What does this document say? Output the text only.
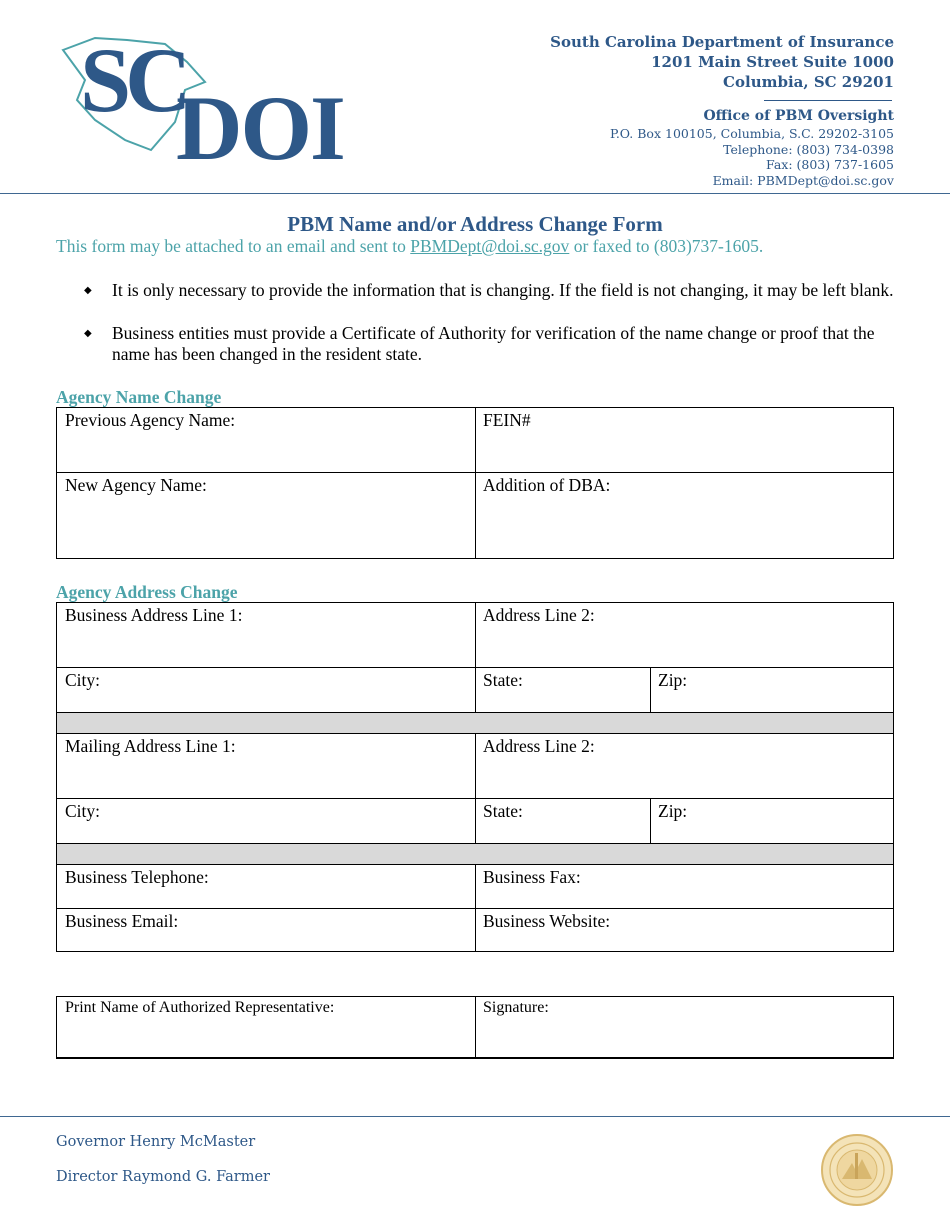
SC
DOI
South Carolina Department of Insurance
1201 Main Street Suite 1000
Columbia, SC 29201
Office of PBM Oversight
P.O. Box 100105, Columbia, S.C. 29202-3105
Telephone: (803) 734-0398
Fax: (803) 737-1605
Email: PBMDept@doi.sc.gov
PBM Name and/or Address Change Form
This form may be attached to an email and sent to PBMDept@doi.sc.gov or faxed to (803)737-1605.
◆ It is only necessary to provide the information that is changing. If the field is not changing, it may be left blank.
◆ Business entities must provide a Certificate of Authority for verification of the name change or proof that the name has been changed in the resident state.
Agency Name Change
Previous Agency Name:	FEIN#
New Agency Name:	Addition of DBA:
Agency Address Change
Business Address Line 1:	Address Line 2:
City:	State:	Zip:
Mailing Address Line 1:	Address Line 2:
City:	State:	Zip:
Business Telephone:	Business Fax:
Business Email:	Business Website:
Print Name of Authorized Representative:	Signature:
Governor Henry McMaster
Director Raymond G. Farmer
